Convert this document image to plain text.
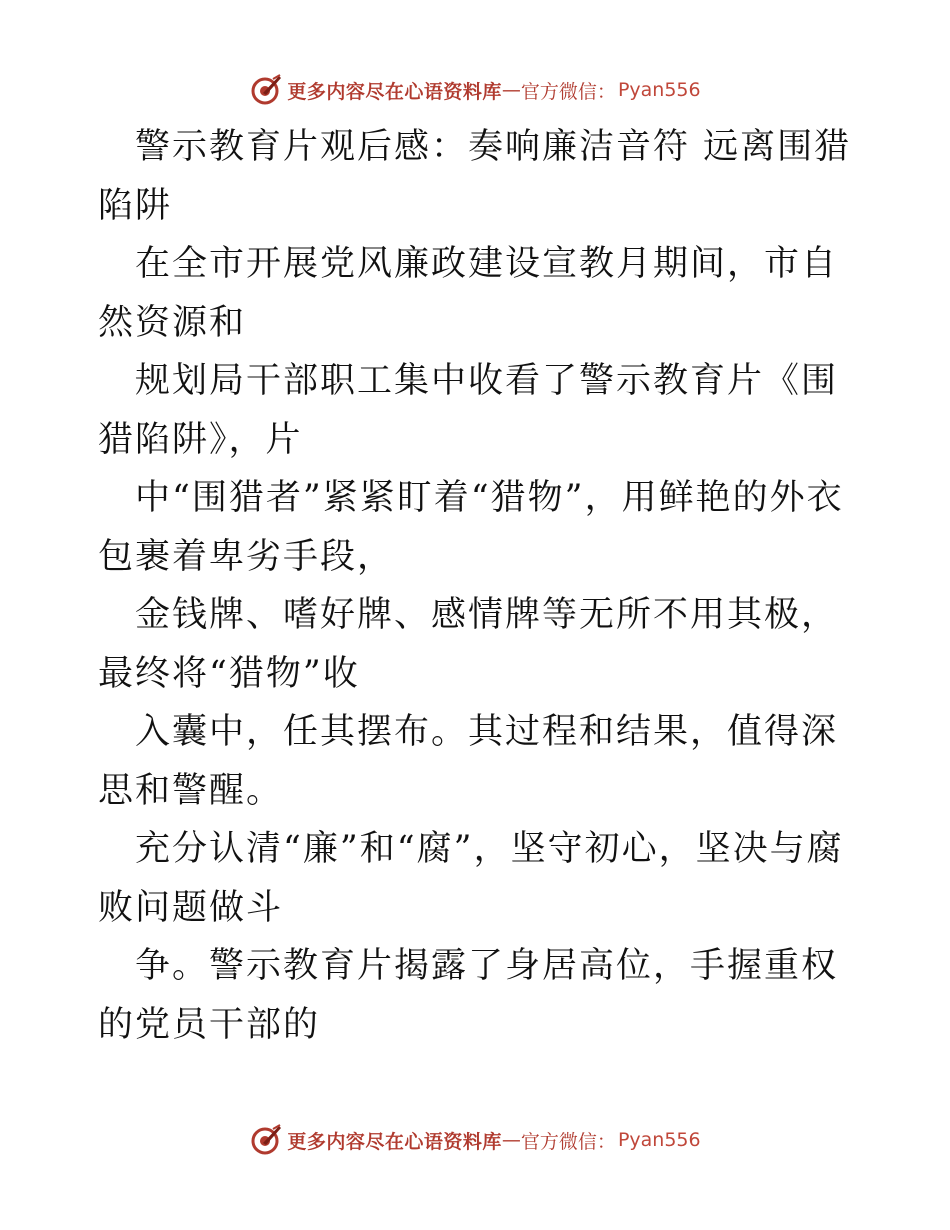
更多内容尽在心语资料库 — 官方微信： Pyan556

警示教育片观后感：奏响廉洁音符 远离围猎陷阱

在全市开展党风廉政建设宣教月期间，市自然资源和

规划局干部职工集中收看了警示教育片《围猎陷阱》，片

中“围猎者”紧紧盯着“猎物”，用鲜艳的外衣包裹着卑劣手段，

金钱牌、嗜好牌、感情牌等无所不用其极，最终将“猎物”收

入囊中，任其摆布。其过程和结果，值得深思和警醒。

充分认清“廉”和“腐”，坚守初心，坚决与腐败问题做斗

争。警示教育片揭露了身居高位，手握重权的党员干部的

更多内容尽在心语资料库 — 官方微信： Pyan556
